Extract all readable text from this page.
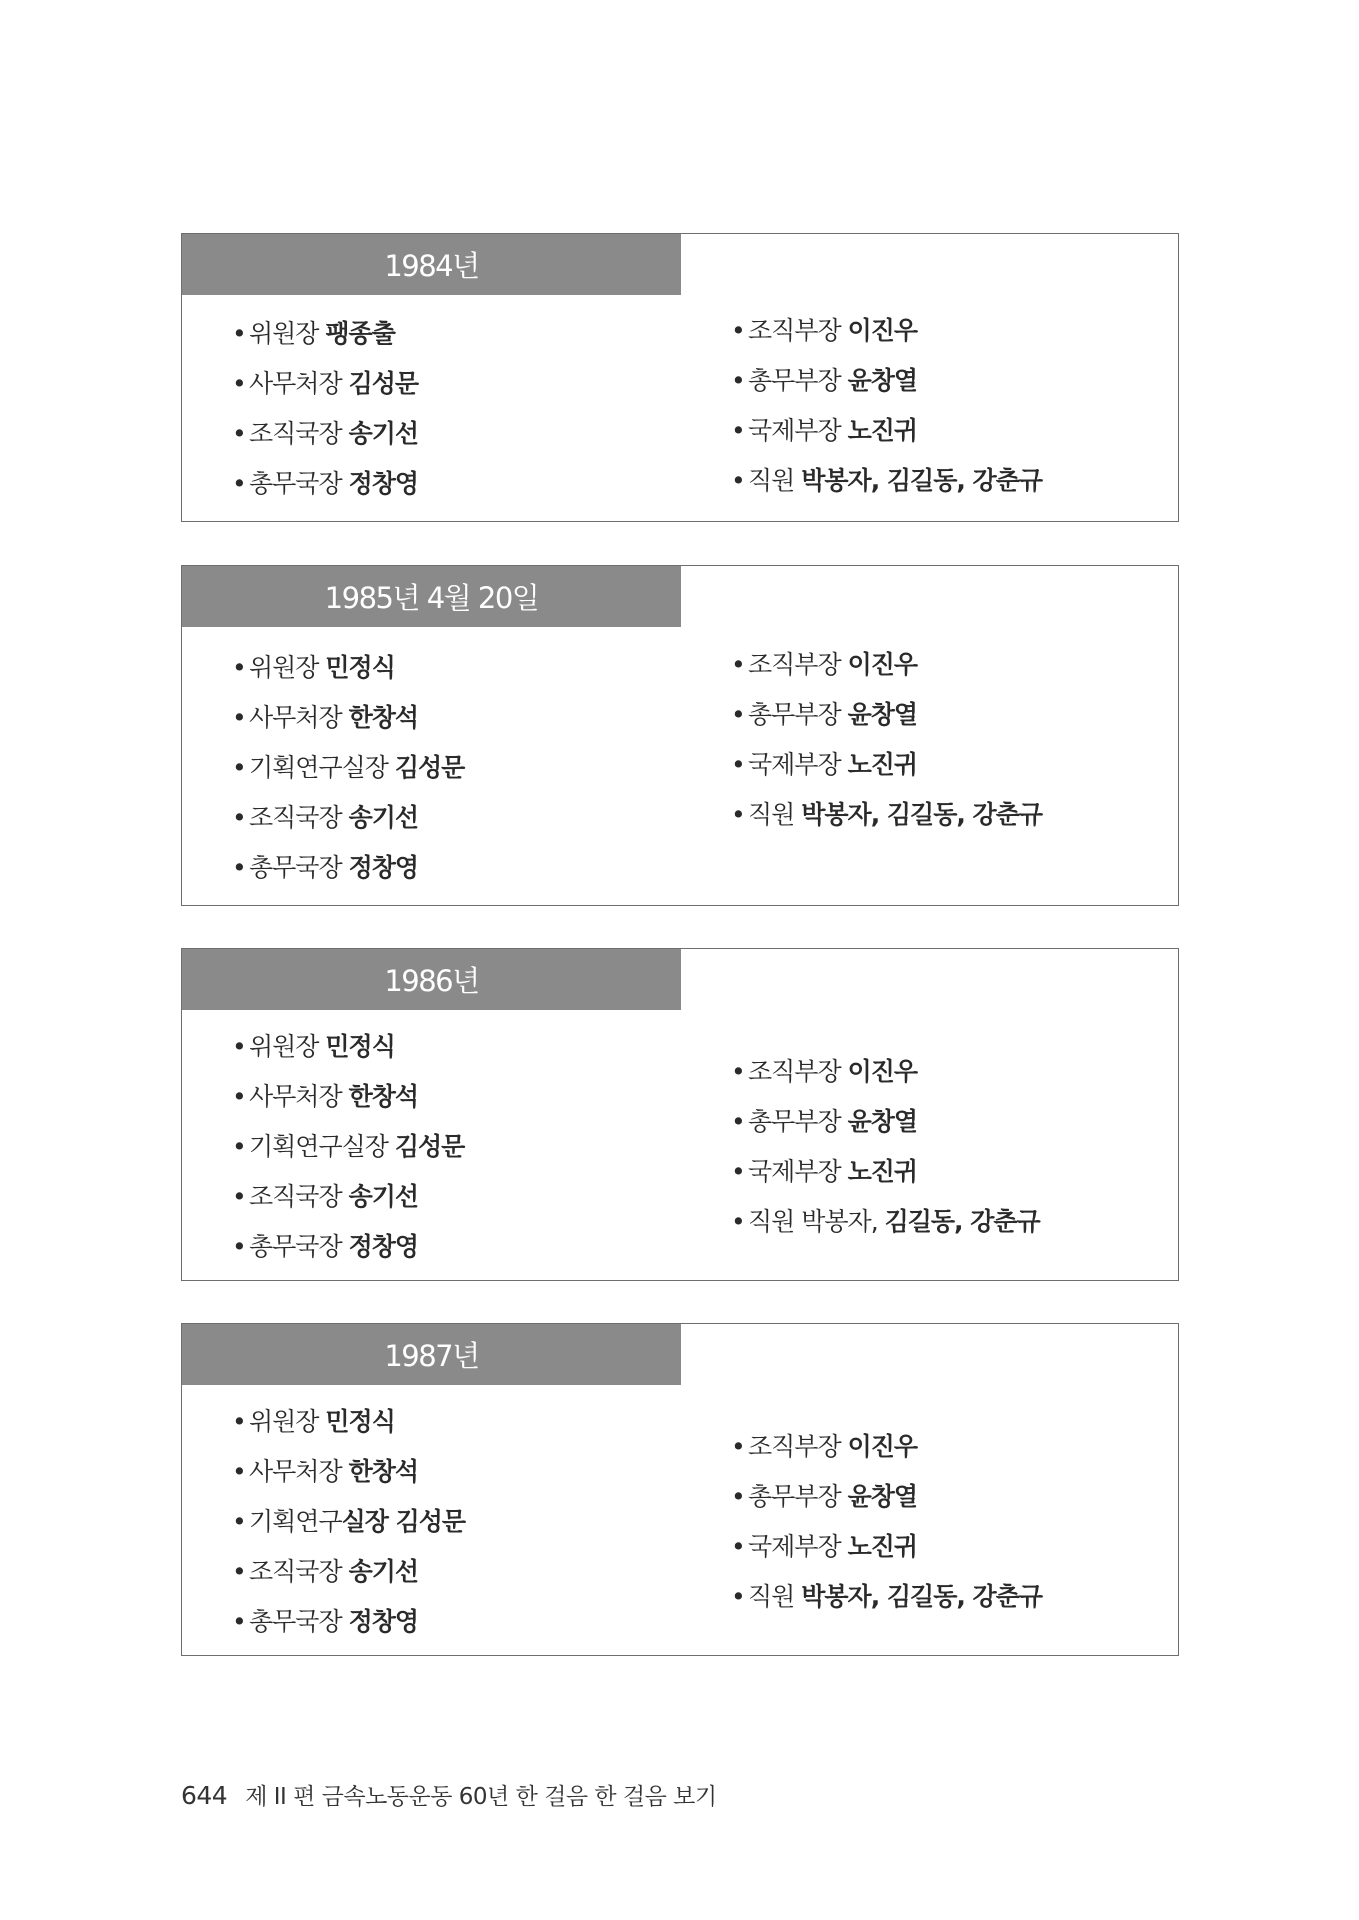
1984년
• 위원장 팽종출
• 사무처장 김성문
• 조직국장 송기선
• 총무국장 정창영
• 조직부장 이진우
• 총무부장 윤창열
• 국제부장 노진귀
• 직원 박봉자, 김길동, 강춘규
1985년 4월 20일
• 위원장 민정식
• 사무처장 한창석
• 기획연구실장 김성문
• 조직국장 송기선
• 총무국장 정창영
• 조직부장 이진우
• 총무부장 윤창열
• 국제부장 노진귀
• 직원 박봉자, 김길동, 강춘규
1986년
• 위원장 민정식
• 사무처장 한창석
• 기획연구실장 김성문
• 조직국장 송기선
• 총무국장 정창영
• 조직부장 이진우
• 총무부장 윤창열
• 국제부장 노진귀
• 직원 박봉자, 김길동, 강춘규
1987년
• 위원장 민정식
• 사무처장 한창석
• 기획연구실장 김성문
• 조직국장 송기선
• 총무국장 정창영
• 조직부장 이진우
• 총무부장 윤창열
• 국제부장 노진귀
• 직원 박봉자, 김길동, 강춘규
644 제 II 편 금속노동운동 60년 한 걸음 한 걸음 보기
